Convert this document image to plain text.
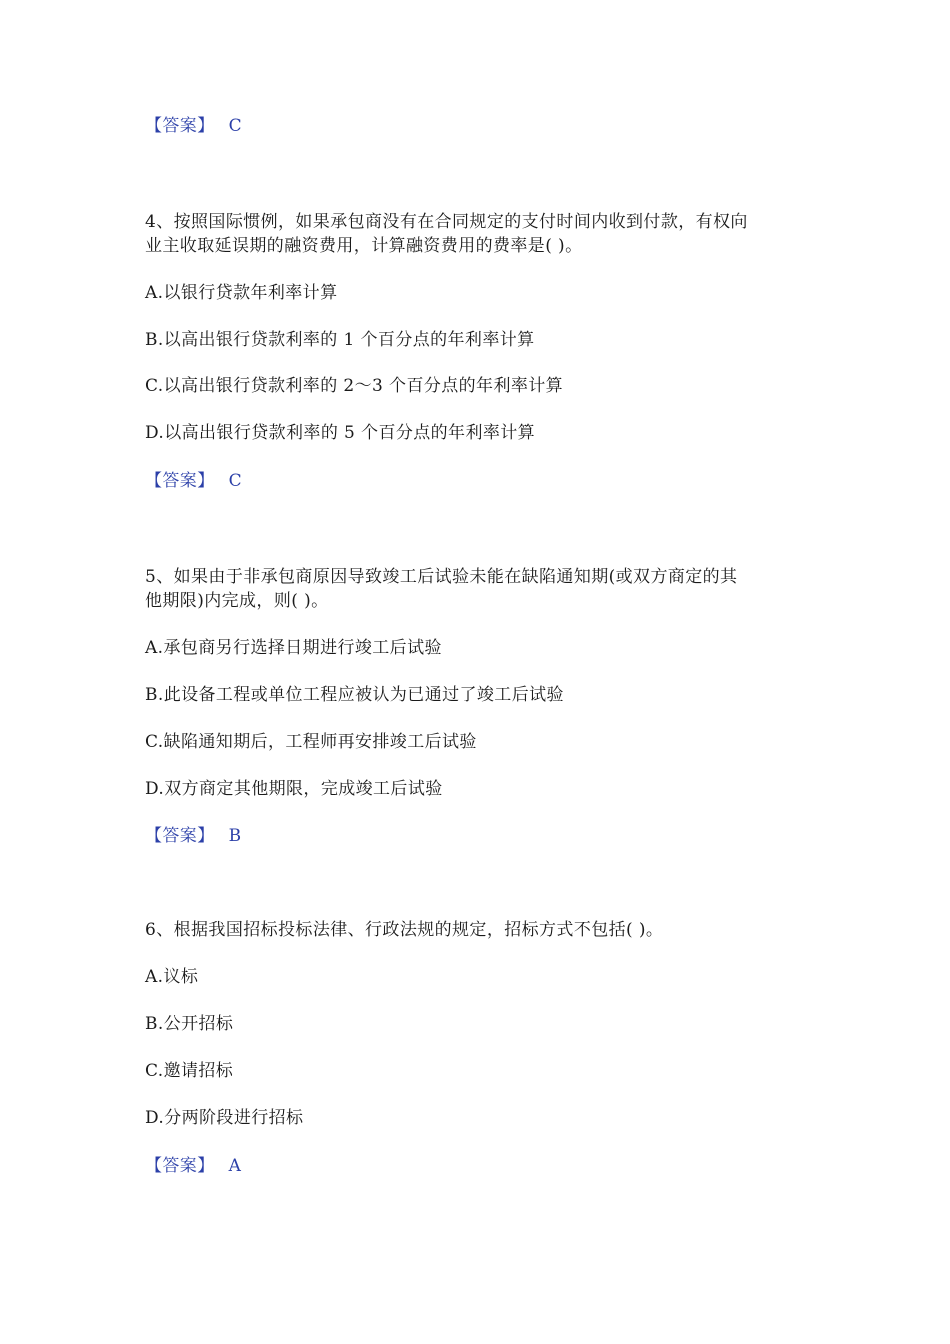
【答案】 C
4、按照国际惯例，如果承包商没有在合同规定的支付时间内收到付款，有权向
业主收取延误期的融资费用，计算融资费用的费率是( )。
A.以银行贷款年利率计算
B.以高出银行贷款利率的 1 个百分点的年利率计算
C.以高出银行贷款利率的 2～3 个百分点的年利率计算
D.以高出银行贷款利率的 5 个百分点的年利率计算
【答案】 C
5、如果由于非承包商原因导致竣工后试验未能在缺陷通知期(或双方商定的其
他期限)内完成，则( )。
A.承包商另行选择日期进行竣工后试验
B.此设备工程或单位工程应被认为已通过了竣工后试验
C.缺陷通知期后，工程师再安排竣工后试验
D.双方商定其他期限，完成竣工后试验
【答案】 B
6、根据我国招标投标法律、行政法规的规定，招标方式不包括( )。
A.议标
B.公开招标
C.邀请招标
D.分两阶段进行招标
【答案】 A
